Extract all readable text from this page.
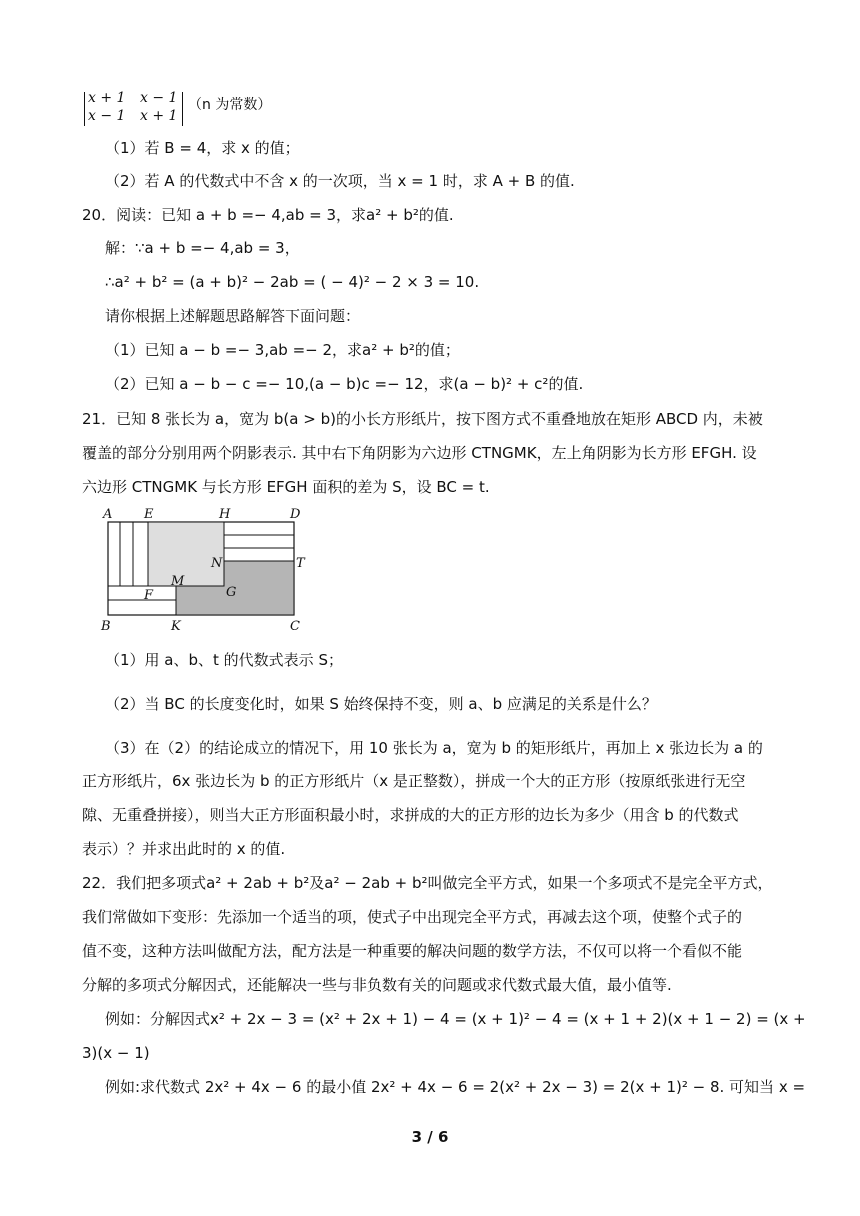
x + 1	x − 1
x − 1	x + 1
（n 为常数）
（1）若 B = 4，求 x 的值；
（2）若 A 的代数式中不含 x 的一次项，当 x = 1 时，求 A + B 的值.
20．阅读：已知 a + b =− 4,ab = 3，求a² + b²的值.
解：∵a + b =− 4,ab = 3，
∴a² + b² = (a + b)² − 2ab = ( − 4)² − 2 × 3 = 10.
请你根据上述解题思路解答下面问题：
（1）已知 a − b =− 3,ab =− 2，求a² + b²的值；
（2）已知 a − b − c =− 10,(a − b)c =− 12，求(a − b)² + c²的值.
21．已知 8 张长为 a，宽为 b(a > b)的小长方形纸片，按下图方式不重叠地放在矩形 ABCD 内，未被
覆盖的部分分别用两个阴影表示. 其中右下角阴影为六边形 CTNGMK，左上角阴影为长方形 EFGH. 设
六边形 CTNGMK 与长方形 EFGH 面积的差为 S，设 BC = t.
A E	H	D
N	T
M
G
F
B	K	C
（1）用 a、b、t 的代数式表示 S；
（2）当 BC 的长度变化时，如果 S 始终保持不变，则 a、b 应满足的关系是什么？
（3）在（2）的结论成立的情况下，用 10 张长为 a，宽为 b 的矩形纸片，再加上 x 张边长为 a 的
正方形纸片，6x 张边长为 b 的正方形纸片（x 是正整数），拼成一个大的正方形（按原纸张进行无空
隙、无重叠拼接），则当大正方形面积最小时，求拼成的大的正方形的边长为多少（用含 b 的代数式
表示）？并求出此时的 x 的值.
22．我们把多项式a² + 2ab + b²及a² − 2ab + b²叫做完全平方式，如果一个多项式不是完全平方式，
我们常做如下变形：先添加一个适当的项，使式子中出现完全平方式，再减去这个项，使整个式子的
值不变，这种方法叫做配方法，配方法是一种重要的解决问题的数学方法，不仅可以将一个看似不能
分解的多项式分解因式，还能解决一些与非负数有关的问题或求代数式最大值，最小值等.
例如：分解因式x² + 2x − 3 = (x² + 2x + 1) − 4 = (x + 1)² − 4 = (x + 1 + 2)(x + 1 − 2) = (x +
3)(x − 1)
例如:求代数式 2x² + 4x − 6 的最小值 2x² + 4x − 6 = 2(x² + 2x − 3) = 2(x + 1)² − 8. 可知当 x =
3 / 6
